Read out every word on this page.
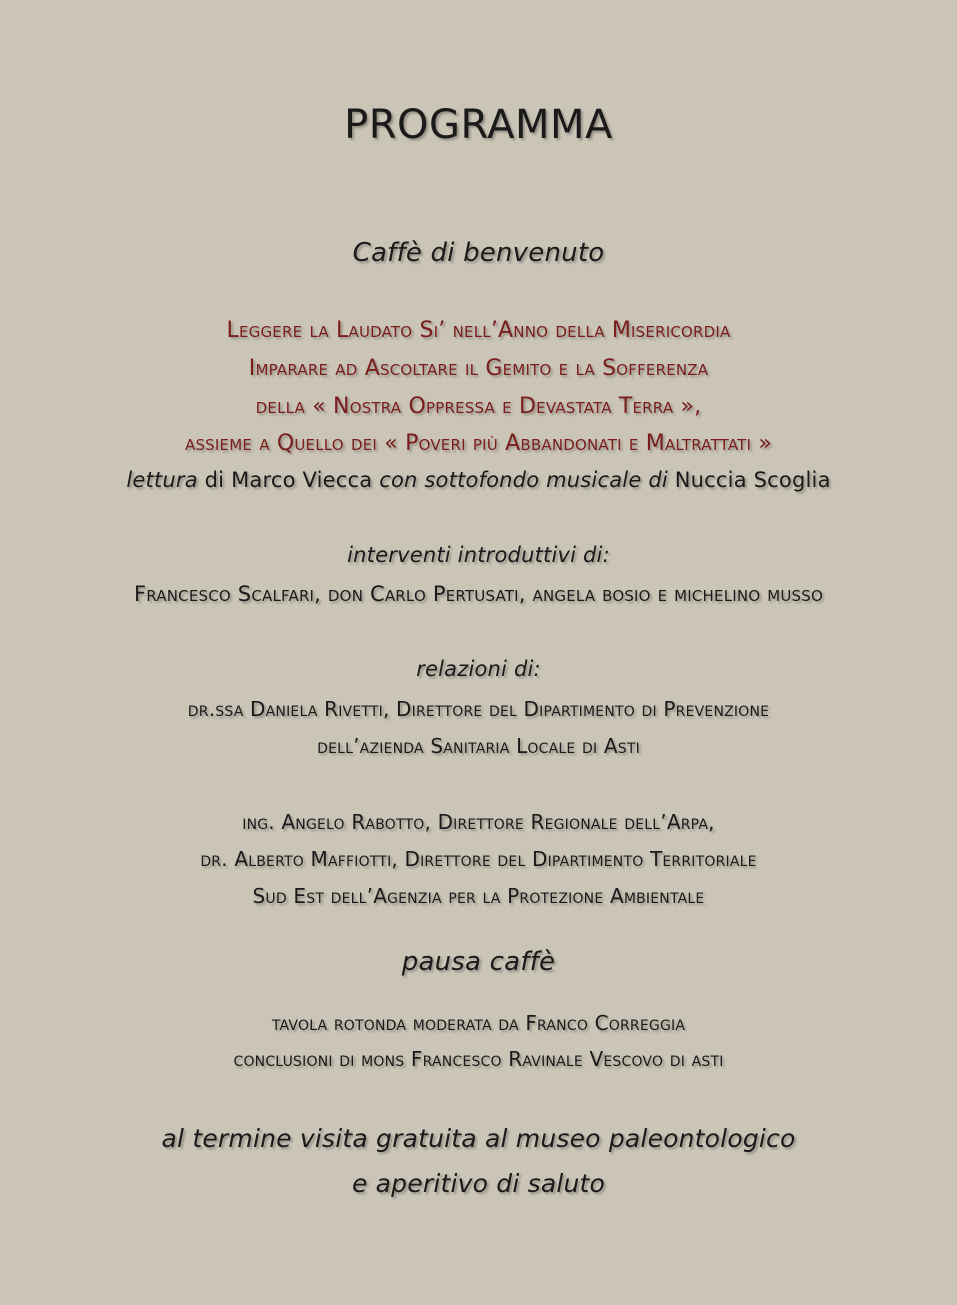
PROGRAMMA
Caffè di benvenuto
Leggere la Laudato Si’ nell’Anno della Misericordia
Imparare ad Ascoltare il Gemito e la Sofferenza
della « Nostra Oppressa e Devastata Terra »,
assieme a Quello dei « Poveri più Abbandonati e Maltrattati »
lettura di Marco Viecca con sottofondo musicale di Nuccia Scoglia
interventi introduttivi di:
Francesco Scalfari, don Carlo Pertusati, angela bosio e michelino musso
relazioni di:
dr.ssa Daniela Rivetti, Direttore del Dipartimento di Prevenzione
dell’azienda Sanitaria Locale di Asti
ing. Angelo Rabotto, Direttore Regionale dell’Arpa,
dr. Alberto Maffiotti, Direttore del Dipartimento Territoriale
Sud Est dell’Agenzia per la Protezione Ambientale
pausa caffè
tavola rotonda moderata da Franco Correggia
conclusioni di mons Francesco Ravinale Vescovo di asti
al termine visita gratuita al museo paleontologico
e aperitivo di saluto
